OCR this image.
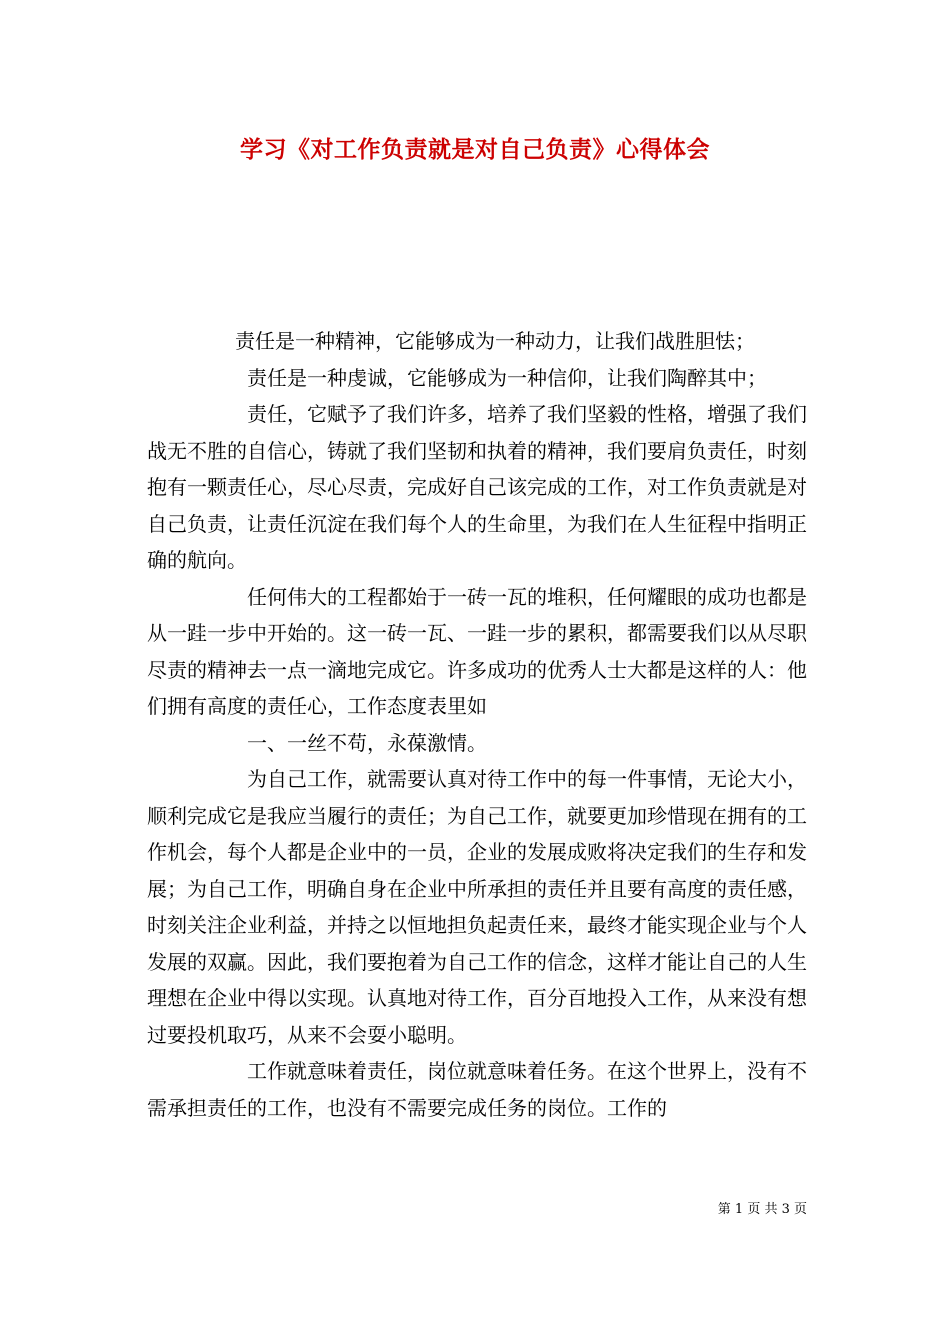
学习《对工作负责就是对自己负责》心得体会

责任是一种精神，它能够成为一种动力，让我们战胜胆怯；

责任是一种虔诚，它能够成为一种信仰，让我们陶醉其中；

责任，它赋予了我们许多，培养了我们坚毅的性格，增强了我们战无不胜的自信心，铸就了我们坚韧和执着的精神，我们要肩负责任，时刻抱有一颗责任心，尽心尽责，完成好自己该完成的工作，对工作负责就是对自己负责，让责任沉淀在我们每个人的生命里，为我们在人生征程中指明正确的航向。

任何伟大的工程都始于一砖一瓦的堆积，任何耀眼的成功也都是从一跬一步中开始的。这一砖一瓦、一跬一步的累积，都需要我们以从尽职尽责的精神去一点一滴地完成它。许多成功的优秀人士大都是这样的人：他们拥有高度的责任心，工作态度表里如

一、一丝不苟，永葆激情。

为自己工作，就需要认真对待工作中的每一件事情，无论大小，顺利完成它是我应当履行的责任；为自己工作，就要更加珍惜现在拥有的工作机会，每个人都是企业中的一员，企业的发展成败将决定我们的生存和发展；为自己工作，明确自身在企业中所承担的责任并且要有高度的责任感，时刻关注企业利益，并持之以恒地担负起责任来，最终才能实现企业与个人发展的双赢。因此，我们要抱着为自己工作的信念，这样才能让自己的人生理想在企业中得以实现。认真地对待工作，百分百地投入工作，从来没有想过要投机取巧，从来不会耍小聪明。

工作就意味着责任，岗位就意味着任务。在这个世界上，没有不需承担责任的工作，也没有不需要完成任务的岗位。工作的

第 1 页 共 3 页
